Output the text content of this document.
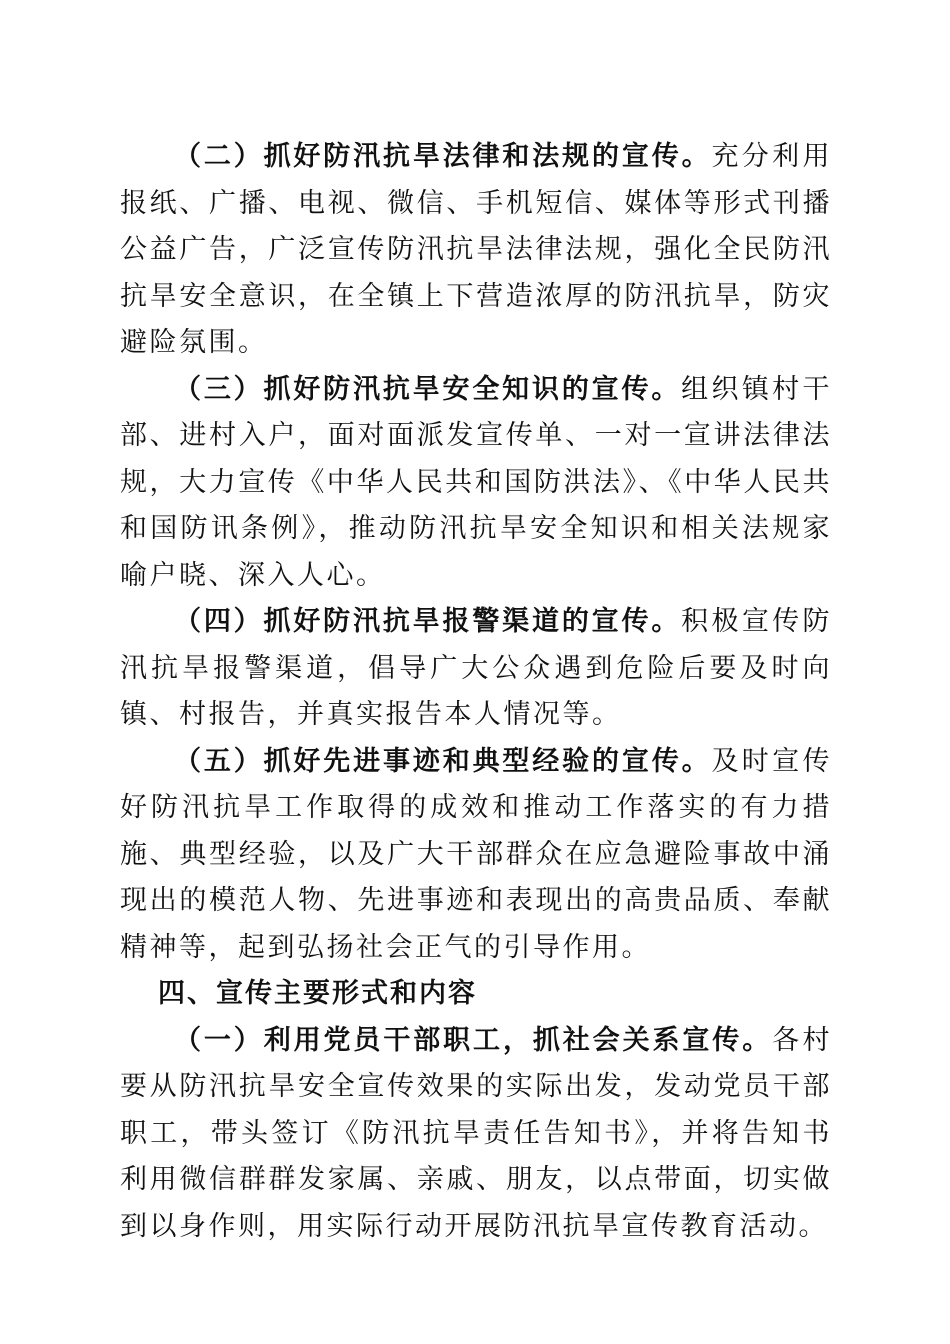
（二）抓好防汛抗旱法律和法规的宣传。充分利用报纸、广播、电视、微信、手机短信、媒体等形式刊播公益广告，广泛宣传防汛抗旱法律法规，强化全民防汛抗旱安全意识，在全镇上下营造浓厚的防汛抗旱，防灾避险氛围。

（三）抓好防汛抗旱安全知识的宣传。组织镇村干部、进村入户，面对面派发宣传单、一对一宣讲法律法规，大力宣传《中华人民共和国防洪法》、《中华人民共和国防讯条例》，推动防汛抗旱安全知识和相关法规家喻户晓、深入人心。

（四）抓好防汛抗旱报警渠道的宣传。积极宣传防汛抗旱报警渠道，倡导广大公众遇到危险后要及时向镇、村报告，并真实报告本人情况等。

（五）抓好先进事迹和典型经验的宣传。及时宣传好防汛抗旱工作取得的成效和推动工作落实的有力措施、典型经验，以及广大干部群众在应急避险事故中涌现出的模范人物、先进事迹和表现出的高贵品质、奉献精神等，起到弘扬社会正气的引导作用。

四、宣传主要形式和内容

（一）利用党员干部职工，抓社会关系宣传。各村要从防汛抗旱安全宣传效果的实际出发，发动党员干部职工，带头签订《防汛抗旱责任告知书》，并将告知书利用微信群群发家属、亲戚、朋友，以点带面，切实做到以身作则，用实际行动开展防汛抗旱宣传教育活动。
